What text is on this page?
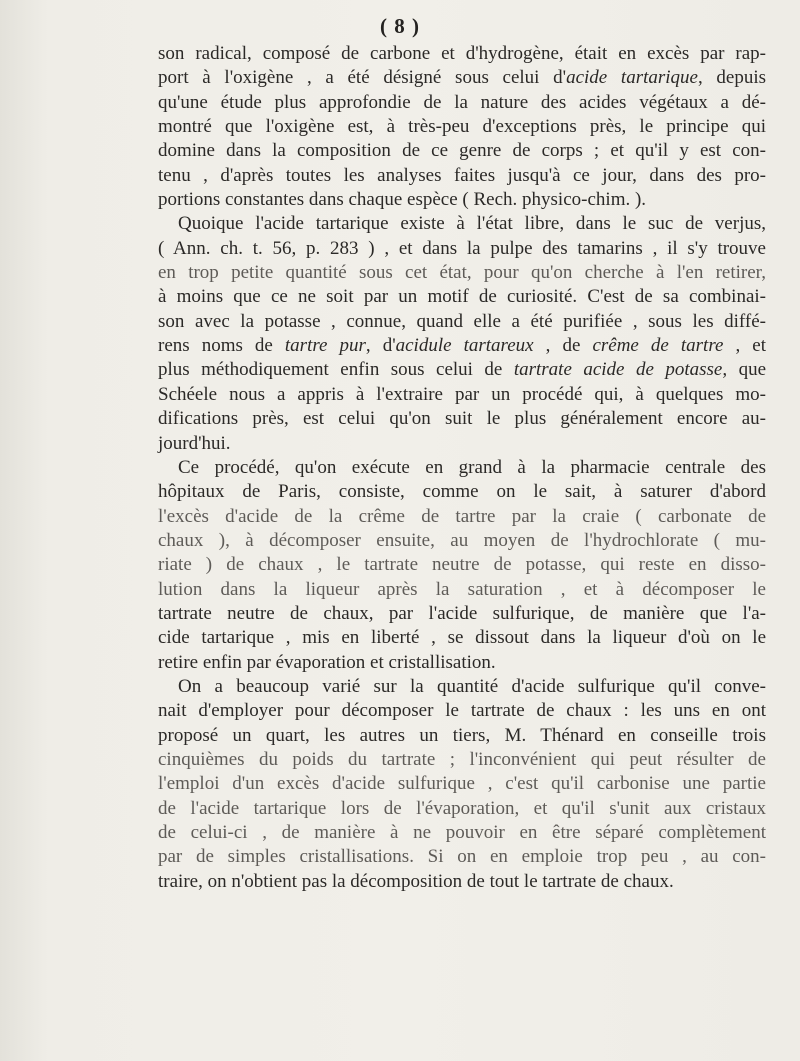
( 8 )
son radical, composé de carbone et d'hydrogène, était en excès par rap-
port à l'oxigène , a été désigné sous celui d'acide tartarique, depuis
qu'une étude plus approfondie de la nature des acides végétaux a dé-
montré que l'oxigène est, à très-peu d'exceptions près, le principe qui
domine dans la composition de ce genre de corps ; et qu'il y est con-
tenu , d'après toutes les analyses faites jusqu'à ce jour, dans des pro-
portions constantes dans chaque espèce ( Rech. physico-chim. ).
Quoique l'acide tartarique existe à l'état libre, dans le suc de verjus,
( Ann. ch. t. 56, p. 283 ) , et dans la pulpe des tamarins , il s'y trouve
en trop petite quantité sous cet état, pour qu'on cherche à l'en retirer,
à moins que ce ne soit par un motif de curiosité. C'est de sa combinai-
son avec la potasse , connue, quand elle a été purifiée , sous les diffé-
rens noms de tartre pur, d'acidule tartareux , de crême de tartre , et
plus méthodiquement enfin sous celui de tartrate acide de potasse, que
Schéele nous a appris à l'extraire par un procédé qui, à quelques mo-
difications près, est celui qu'on suit le plus généralement encore au-
jourd'hui.
Ce procédé, qu'on exécute en grand à la pharmacie centrale des
hôpitaux de Paris, consiste, comme on le sait, à saturer d'abord
l'excès d'acide de la crême de tartre par la craie ( carbonate de
chaux ), à décomposer ensuite, au moyen de l'hydrochlorate ( mu-
riate ) de chaux , le tartrate neutre de potasse, qui reste en disso-
lution dans la liqueur après la saturation , et à décomposer le
tartrate neutre de chaux, par l'acide sulfurique, de manière que l'a-
cide tartarique , mis en liberté , se dissout dans la liqueur d'où on le
retire enfin par évaporation et cristallisation.
On a beaucoup varié sur la quantité d'acide sulfurique qu'il conve-
nait d'employer pour décomposer le tartrate de chaux : les uns en ont
proposé un quart, les autres un tiers, M. Thénard en conseille trois
cinquièmes du poids du tartrate ; l'inconvénient qui peut résulter de
l'emploi d'un excès d'acide sulfurique , c'est qu'il carbonise une partie
de l'acide tartarique lors de l'évaporation, et qu'il s'unit aux cristaux
de celui-ci , de manière à ne pouvoir en être séparé complètement
par de simples cristallisations. Si on en emploie trop peu , au con-
traire, on n'obtient pas la décomposition de tout le tartrate de chaux.
